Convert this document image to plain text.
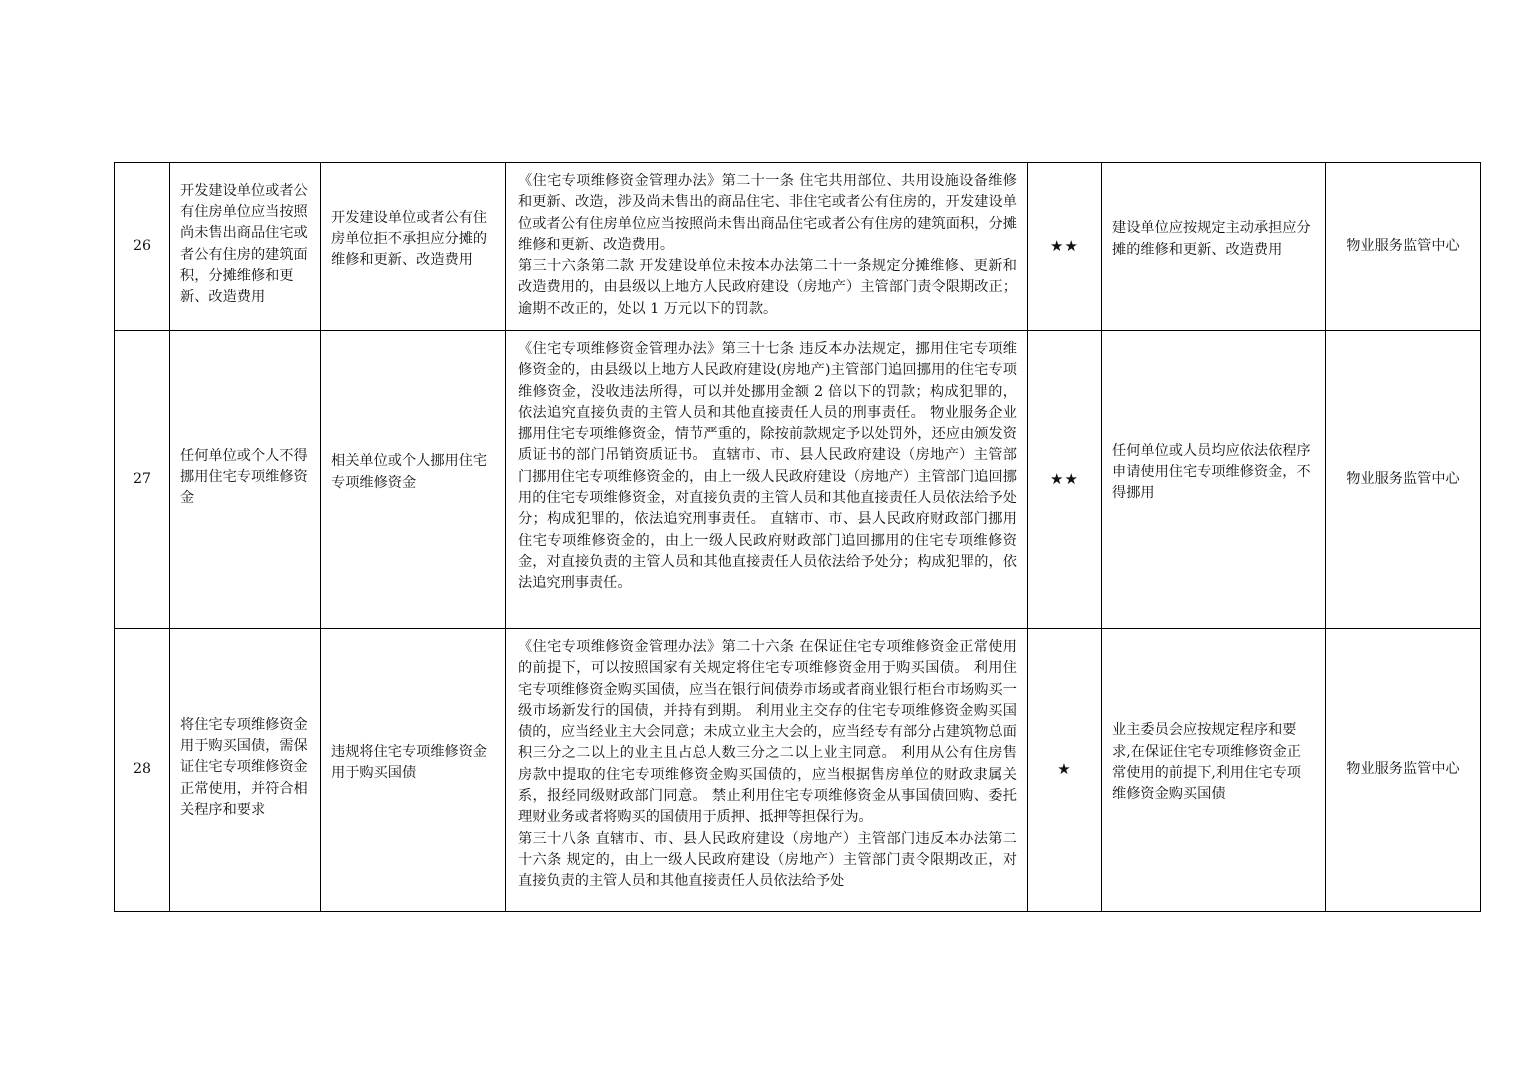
26	开发建设单位或者公有住房单位应当按照尚未售出商品住宅或者公有住房的建筑面积，分摊维修和更新、改造费用	开发建设单位或者公有住房单位拒不承担应分摊的维修和更新、改造费用	《住宅专项维修资金管理办法》第二十一条 住宅共用部位、共用设施设备维修和更新、改造，涉及尚未售出的商品住宅、非住宅或者公有住房的，开发建设单位或者公有住房单位应当按照尚未售出商品住宅或者公有住房的建筑面积，分摊维修和更新、改造费用。
第三十六条第二款 开发建设单位未按本办法第二十一条规定分摊维修、更新和改造费用的，由县级以上地方人民政府建设（房地产）主管部门责令限期改正；逾期不改正的，处以 1 万元以下的罚款。	★★	建设单位应按规定主动承担应分摊的维修和更新、改造费用	物业服务监管中心
27	任何单位或个人不得挪用住宅专项维修资金	相关单位或个人挪用住宅专项维修资金	《住宅专项维修资金管理办法》第三十七条 违反本办法规定，挪用住宅专项维修资金的，由县级以上地方人民政府建设(房地产)主管部门追回挪用的住宅专项维修资金，没收违法所得，可以并处挪用金额 2 倍以下的罚款；构成犯罪的，依法追究直接负责的主管人员和其他直接责任人员的刑事责任。 物业服务企业挪用住宅专项维修资金，情节严重的，除按前款规定予以处罚外，还应由颁发资质证书的部门吊销资质证书。 直辖市、市、县人民政府建设（房地产）主管部门挪用住宅专项维修资金的，由上一级人民政府建设（房地产）主管部门追回挪用的住宅专项维修资金，对直接负责的主管人员和其他直接责任人员依法给予处分；构成犯罪的，依法追究刑事责任。 直辖市、市、县人民政府财政部门挪用住宅专项维修资金的，由上一级人民政府财政部门追回挪用的住宅专项维修资金，对直接负责的主管人员和其他直接责任人员依法给予处分；构成犯罪的，依法追究刑事责任。	★★	任何单位或人员均应依法依程序申请使用住宅专项维修资金，不得挪用	物业服务监管中心
28	将住宅专项维修资金用于购买国债，需保证住宅专项维修资金正常使用，并符合相关程序和要求	违规将住宅专项维修资金用于购买国债	《住宅专项维修资金管理办法》第二十六条 在保证住宅专项维修资金正常使用的前提下，可以按照国家有关规定将住宅专项维修资金用于购买国债。 利用住宅专项维修资金购买国债，应当在银行间债券市场或者商业银行柜台市场购买一级市场新发行的国债，并持有到期。 利用业主交存的住宅专项维修资金购买国债的，应当经业主大会同意；未成立业主大会的，应当经专有部分占建筑物总面积三分之二以上的业主且占总人数三分之二以上业主同意。 利用从公有住房售房款中提取的住宅专项维修资金购买国债的，应当根据售房单位的财政隶属关系，报经同级财政部门同意。 禁止利用住宅专项维修资金从事国债回购、委托理财业务或者将购买的国债用于质押、抵押等担保行为。
第三十八条 直辖市、市、县人民政府建设（房地产）主管部门违反本办法第二十六条 规定的，由上一级人民政府建设（房地产）主管部门责令限期改正，对直接负责的主管人员和其他直接责任人员依法给予处	★	业主委员会应按规定程序和要求,在保证住宅专项维修资金正常使用的前提下,利用住宅专项维修资金购买国债	物业服务监管中心
